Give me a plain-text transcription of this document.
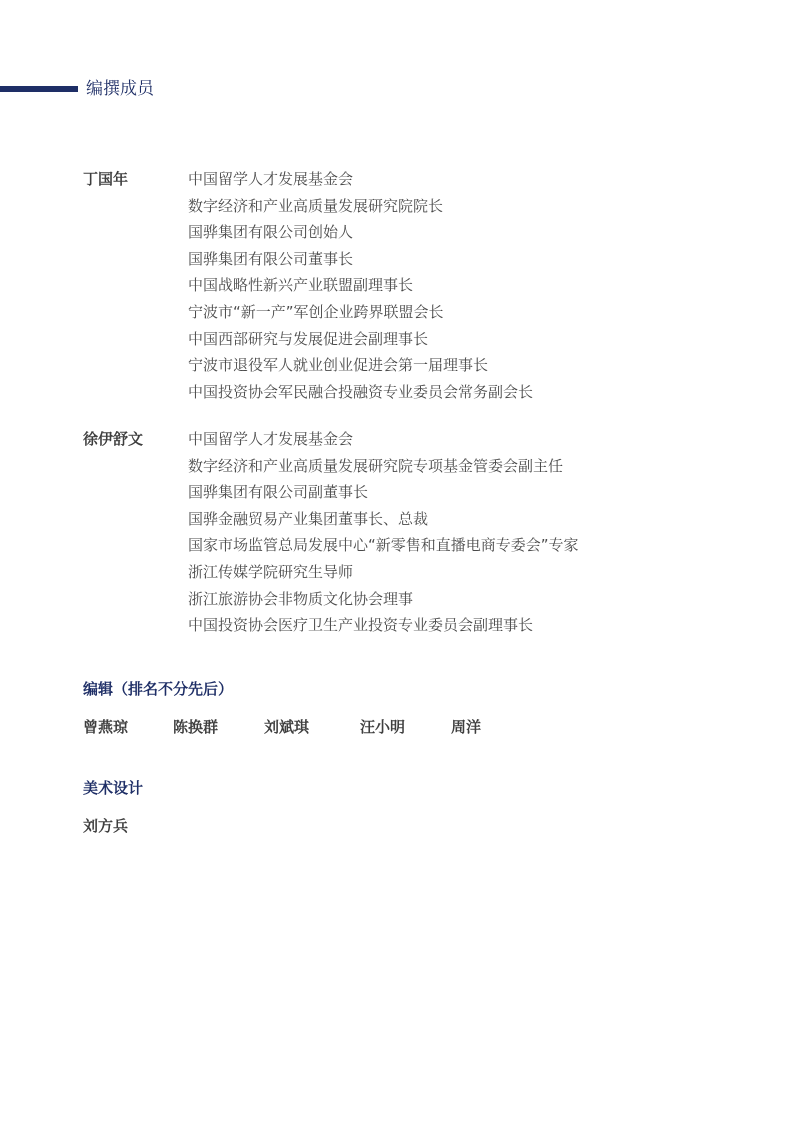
编撰成员
丁国年	中国留学人才发展基金会
数字经济和产业高质量发展研究院院长
国骅集团有限公司创始人
国骅集团有限公司董事长
中国战略性新兴产业联盟副理事长
宁波市“新一产”军创企业跨界联盟会长
中国西部研究与发展促进会副理事长
宁波市退役军人就业创业促进会第一届理事长
中国投资协会军民融合投融资专业委员会常务副会长
徐伊舒文	中国留学人才发展基金会
数字经济和产业高质量发展研究院专项基金管委会副主任
国骅集团有限公司副董事长
国骅金融贸易产业集团董事长、总裁
国家市场监管总局发展中心“新零售和直播电商专委会”专家
浙江传媒学院研究生导师
浙江旅游协会非物质文化协会理事
中国投资协会医疗卫生产业投资专业委员会副理事长
编辑（排名不分先后）
曾燕琼	陈换群	刘斌琪	汪小明	周洋
美术设计
刘方兵
